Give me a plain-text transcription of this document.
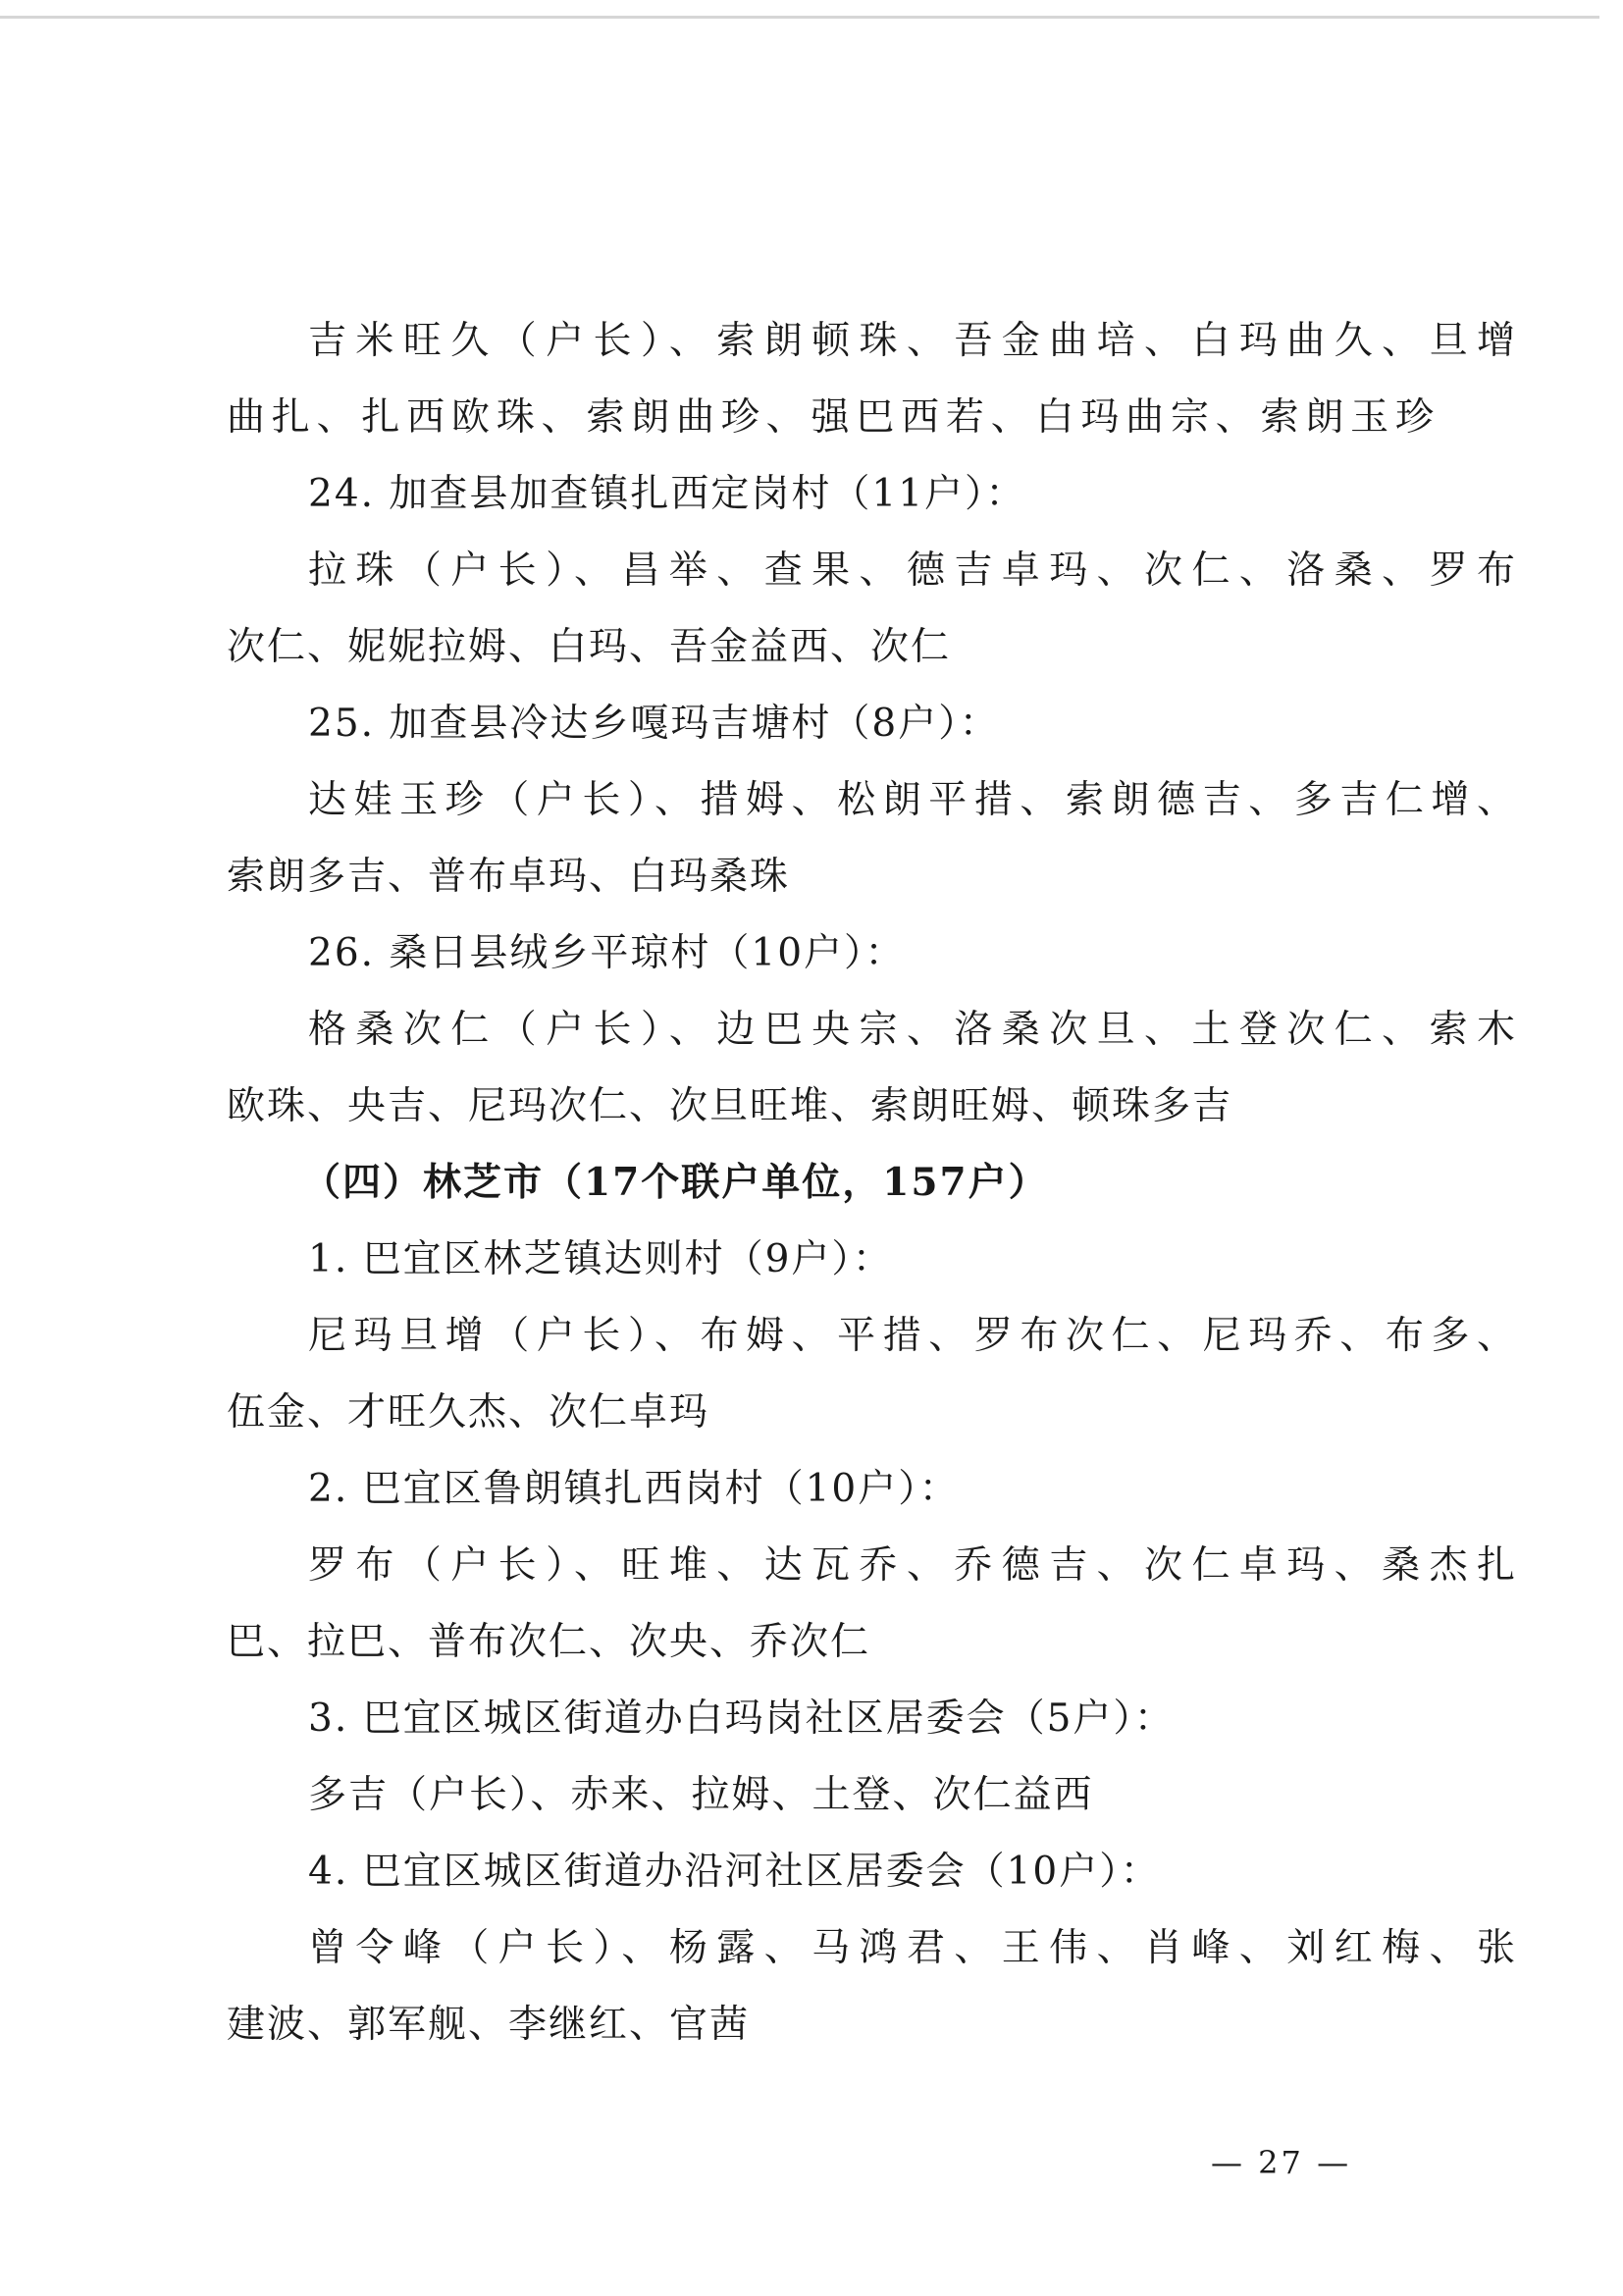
吉米旺久（户长）、索朗顿珠、吾金曲培、白玛曲久、旦增
曲扎、扎西欧珠、索朗曲珍、强巴西若、白玛曲宗、索朗玉珍
24. 加查县加查镇扎西定岗村（11户）：
拉珠（户长）、昌举、查果、德吉卓玛、次仁、洛桑、罗布
次仁、妮妮拉姆、白玛、吾金益西、次仁
25. 加查县冷达乡嘎玛吉塘村（8户）：
达娃玉珍（户长）、措姆、松朗平措、索朗德吉、多吉仁增、
索朗多吉、普布卓玛、白玛桑珠
26. 桑日县绒乡平琼村（10户）：
格桑次仁（户长）、边巴央宗、洛桑次旦、土登次仁、索木
欧珠、央吉、尼玛次仁、次旦旺堆、索朗旺姆、顿珠多吉
（四）林芝市（17个联户单位，157户）
1. 巴宜区林芝镇达则村（9户）：
尼玛旦增（户长）、布姆、平措、罗布次仁、尼玛乔、布多、
伍金、才旺久杰、次仁卓玛
2. 巴宜区鲁朗镇扎西岗村（10户）：
罗布（户长）、旺堆、达瓦乔、乔德吉、次仁卓玛、桑杰扎
巴、拉巴、普布次仁、次央、乔次仁
3. 巴宜区城区街道办白玛岗社区居委会（5户）：
多吉（户长）、赤来、拉姆、土登、次仁益西
4. 巴宜区城区街道办沿河社区居委会（10户）：
曾令峰（户长）、杨露、马鸿君、王伟、肖峰、刘红梅、张
建波、郭军舰、李继红、官茜
— 27 —
